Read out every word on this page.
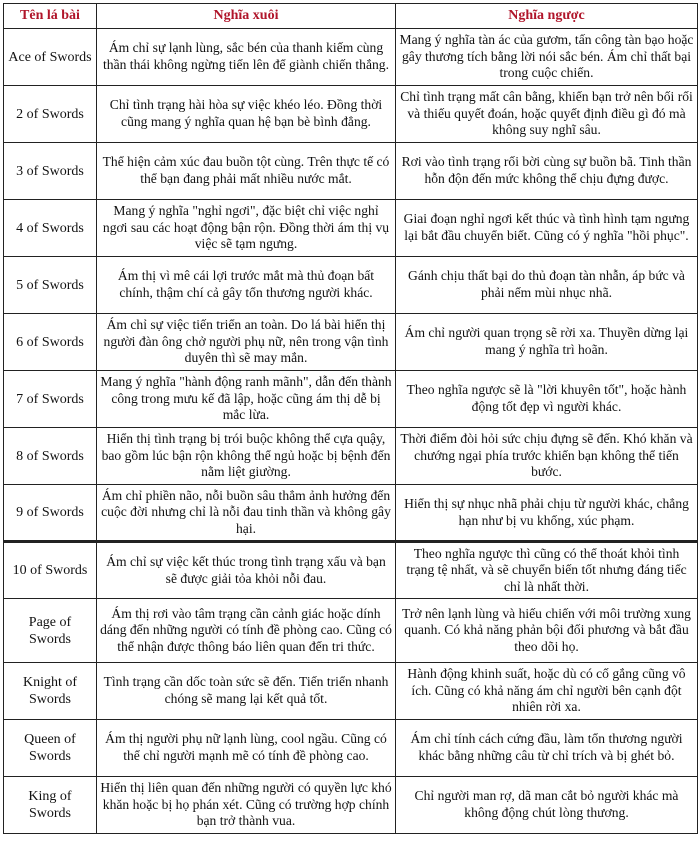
Tên lá bài	Nghĩa xuôi	Nghĩa ngược
Ace of Swords	Ám chỉ sự lạnh lùng, sắc bén của thanh kiếm cùng thần thái không ngừng tiến lên để giành chiến thắng.	Mang ý nghĩa tàn ác của gươm, tấn công tàn bạo hoặc gây thương tích bằng lời nói sắc bén. Ám chỉ thất bại trong cuộc chiến.
2 of Swords	Chỉ tình trạng hài hòa sự việc khéo léo. Đồng thời cũng mang ý nghĩa quan hệ bạn bè bình đẳng.	Chỉ tình trạng mất cân bằng, khiến bạn trở nên bối rối và thiếu quyết đoán, hoặc quyết định điều gì đó mà không suy nghĩ sâu.
3 of Swords	Thể hiện cảm xúc đau buồn tột cùng. Trên thực tế có thể bạn đang phải mất nhiều nước mắt.	Rơi vào tình trạng rối bời cùng sự buồn bã. Tinh thần hỗn độn đến mức không thể chịu đựng được.
4 of Swords	Mang ý nghĩa "nghỉ ngơi", đặc biệt chỉ việc nghỉ ngơi sau các hoạt động bận rộn. Đồng thời ám thị vụ việc sẽ tạm ngưng.	Giai đoạn nghỉ ngơi kết thúc và tình hình tạm ngưng lại bắt đầu chuyển biết. Cũng có ý nghĩa "hồi phục".
5 of Swords	Ám thị vì mê cái lợi trước mắt mà thủ đoạn bất chính, thậm chí cả gây tổn thương người khác.	Gánh chịu thất bại do thủ đoạn tàn nhẫn, áp bức và phải nếm mùi nhục nhã.
6 of Swords	Ám chỉ sự việc tiến triển an toàn. Do lá bài hiển thị người đàn ông chở người phụ nữ, nên trong vận tình duyên thì sẽ may mắn.	Ám chỉ người quan trọng sẽ rời xa. Thuyền dừng lại mang ý nghĩa trì hoãn.
7 of Swords	Mang ý nghĩa "hành động ranh mãnh", dẫn đến thành công trong mưu kế đã lập, hoặc cũng ám thị dễ bị mắc lừa.	Theo nghĩa ngược sẽ là "lời khuyên tốt", hoặc hành động tốt đẹp vì người khác.
8 of Swords	Hiển thị tình trạng bị trói buộc không thể cựa quậy, bao gồm lúc bận rộn không thể ngủ hoặc bị bệnh đến nằm liệt giường.	Thời điểm đòi hỏi sức chịu đựng sẽ đến. Khó khăn và chướng ngại phía trước khiến bạn không thể tiến bước.
9 of Swords	Ám chỉ phiền não, nỗi buồn sâu thẳm ảnh hưởng đến cuộc đời nhưng chỉ là nỗi đau tinh thần và không gây hại.	Hiển thị sự nhục nhã phải chịu từ người khác, chẳng hạn như bị vu khống, xúc phạm.
10 of Swords	Ám chỉ sự việc kết thúc trong tình trạng xấu và bạn sẽ được giải tỏa khỏi nỗi đau.	Theo nghĩa ngược thì cũng có thể thoát khỏi tình trạng tệ nhất, và sẽ chuyển biến tốt nhưng đáng tiếc chỉ là nhất thời.
Page of Swords	Ám thị rơi vào tâm trạng cần cảnh giác hoặc dính dáng đến những người có tính đề phòng cao. Cũng có thể nhận được thông báo liên quan đến tri thức.	Trở nên lạnh lùng và hiếu chiến với môi trường xung quanh. Có khả năng phản bội đối phương và bắt đầu theo dõi họ.
Knight of Swords	Tình trạng cần dốc toàn sức sẽ đến. Tiến triển nhanh chóng sẽ mang lại kết quả tốt.	Hành động khinh suất, hoặc dù có cố gắng cũng vô ích. Cũng có khả năng ám chỉ người bên cạnh đột nhiên rời xa.
Queen of Swords	Ám thị người phụ nữ lạnh lùng, cool ngầu. Cũng có thể chỉ người mạnh mẽ có tính đề phòng cao.	Ám chỉ tính cách cứng đầu, làm tổn thương người khác bằng những câu từ chỉ trích và bị ghét bỏ.
King of Swords	Hiển thị liên quan đến những người có quyền lực khó khăn hoặc bị họ phán xét. Cũng có trường hợp chính bạn trở thành vua.	Chỉ người man rợ, dã man cắt bỏ người khác mà không động chút lòng thương.
